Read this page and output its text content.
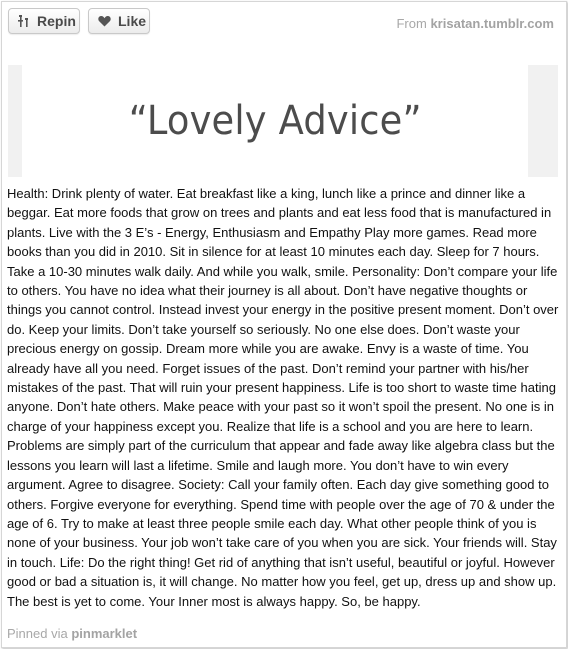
Repin	Like	From krisatan.tumblr.com
“Lovely Advice”

Health: Drink plenty of water. Eat breakfast like a king, lunch like a prince and dinner like a beggar. Eat more foods that grow on trees and plants and eat less food that is manufactured in plants. Live with the 3 E’s - Energy, Enthusiasm and Empathy Play more games. Read more books than you did in 2010. Sit in silence for at least 10 minutes each day. Sleep for 7 hours. Take a 10-30 minutes walk daily. And while you walk, smile. Personality: Don’t compare your life to others. You have no idea what their journey is all about. Don’t have negative thoughts or things you cannot control. Instead invest your energy in the positive present moment. Don’t over do. Keep your limits. Don’t take yourself so seriously. No one else does. Don’t waste your precious energy on gossip. Dream more while you are awake. Envy is a waste of time. You already have all you need. Forget issues of the past. Don’t remind your partner with his/her mistakes of the past. That will ruin your present happiness. Life is too short to waste time hating anyone. Don’t hate others. Make peace with your past so it won’t spoil the present. No one is in charge of your happiness except you. Realize that life is a school and you are here to learn. Problems are simply part of the curriculum that appear and fade away like algebra class but the lessons you learn will last a lifetime. Smile and laugh more. You don’t have to win every argument. Agree to disagree. Society: Call your family often. Each day give something good to others. Forgive everyone for everything. Spend time with people over the age of 70 & under the age of 6. Try to make at least three people smile each day. What other people think of you is none of your business. Your job won’t take care of you when you are sick. Your friends will. Stay in touch. Life: Do the right thing! Get rid of anything that isn’t useful, beautiful or joyful. However good or bad a situation is, it will change. No matter how you feel, get up, dress up and show up. The best is yet to come. Your Inner most is always happy. So, be happy.

Pinned via pinmarklet
